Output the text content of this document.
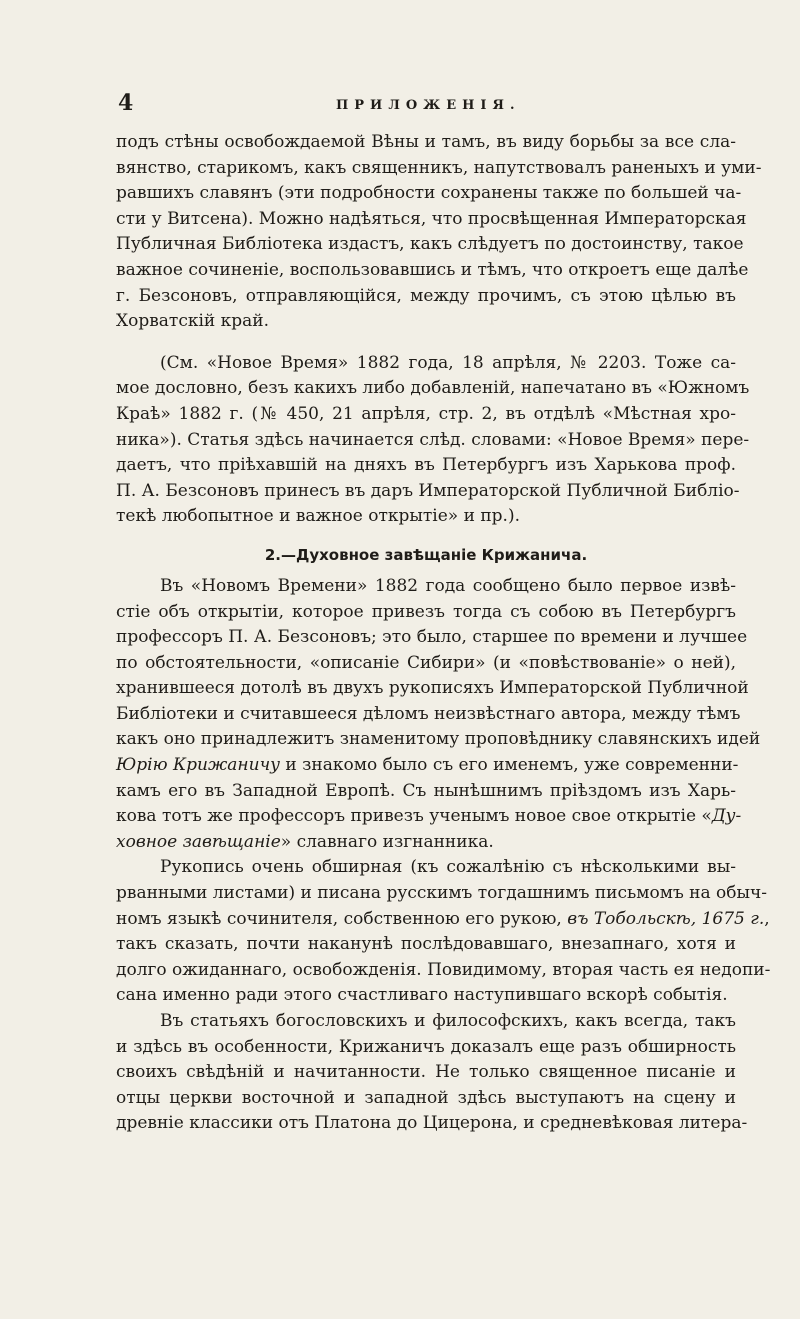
4	ПРИЛОЖЕНІЯ.
подъ стѣны освобождаемой Вѣны и тамъ, въ виду борьбы за все сла-
вянство, старикомъ, какъ священникъ, напутствовалъ раненыхъ и уми-
равшихъ славянъ (эти подробности сохранены также по большей ча-
сти у Витсена). Можно надѣяться, что просвѣщенная Императорская
Публичная Библіотека издастъ, какъ слѣдуетъ по достоинству, такое
важное сочиненіе, воспользовавшись и тѣмъ, что откроетъ еще далѣе
г. Безсоновъ, отправляющійся, между прочимъ, съ этою цѣлью въ
Хорватскій край.
(См. «Новое Время» 1882 года, 18 апрѣля, № 2203. Тоже са-
мое дословно, безъ какихъ либо добавленій, напечатано въ «Южномъ
Краѣ» 1882 г. (№ 450, 21 апрѣля, стр. 2, въ отдѣлѣ «Мѣстная хро-
ника»). Статья здѣсь начинается слѣд. словами: «Новое Время» пере-
даетъ, что пріѣхавшій на дняхъ въ Петербургъ изъ Харькова проф.
П. А. Безсоновъ принесъ въ даръ Императорской Публичной Библіо-
текѣ любопытное и важное открытіе» и пр.).
2.—Духовное завѣщаніе Крижанича.
Въ «Новомъ Времени» 1882 года сообщено было первое извѣ-
стіе объ открытіи, которое привезъ тогда съ собою въ Петербургъ
профессоръ П. А. Безсоновъ; это было, старшее по времени и лучшее
по обстоятельности, «описаніе Сибири» (и «повѣствованіе» о ней),
хранившееся дотолѣ въ двухъ рукописяхъ Императорской Публичной
Библіотеки и считавшееся дѣломъ неизвѣстнаго автора, между тѣмъ
какъ оно принадлежитъ знаменитому проповѣднику славянскихъ идей
Юрію Крижаничу и знакомо было съ его именемъ, уже современни-
камъ его въ Западной Европѣ. Съ нынѣшнимъ пріѣздомъ изъ Харь-
кова тотъ же профессоръ привезъ ученымъ новое свое открытіе «Ду-
ховное завѣщаніе» славнаго изгнанника.
Рукопись очень обширная (къ сожалѣнію съ нѣсколькими вы-
рванными листами) и писана русскимъ тогдашнимъ письмомъ на обыч-
номъ языкѣ сочинителя, собственною его рукою, въ Тобольскѣ, 1675 г.,
такъ сказать, почти наканунѣ послѣдовавшаго, внезапнаго, хотя и
долго ожиданнаго, освобожденія. Повидимому, вторая часть ея недопи-
сана именно ради этого счастливаго наступившаго вскорѣ событія.
Въ статьяхъ богословскихъ и философскихъ, какъ всегда, такъ
и здѣсь въ особенности, Крижаничъ доказалъ еще разъ обширность
своихъ свѣдѣній и начитанности. Не только священное писаніе и
отцы церкви восточной и западной здѣсь выступаютъ на сцену и
древніе классики отъ Платона до Цицерона, и средневѣковая литера-
